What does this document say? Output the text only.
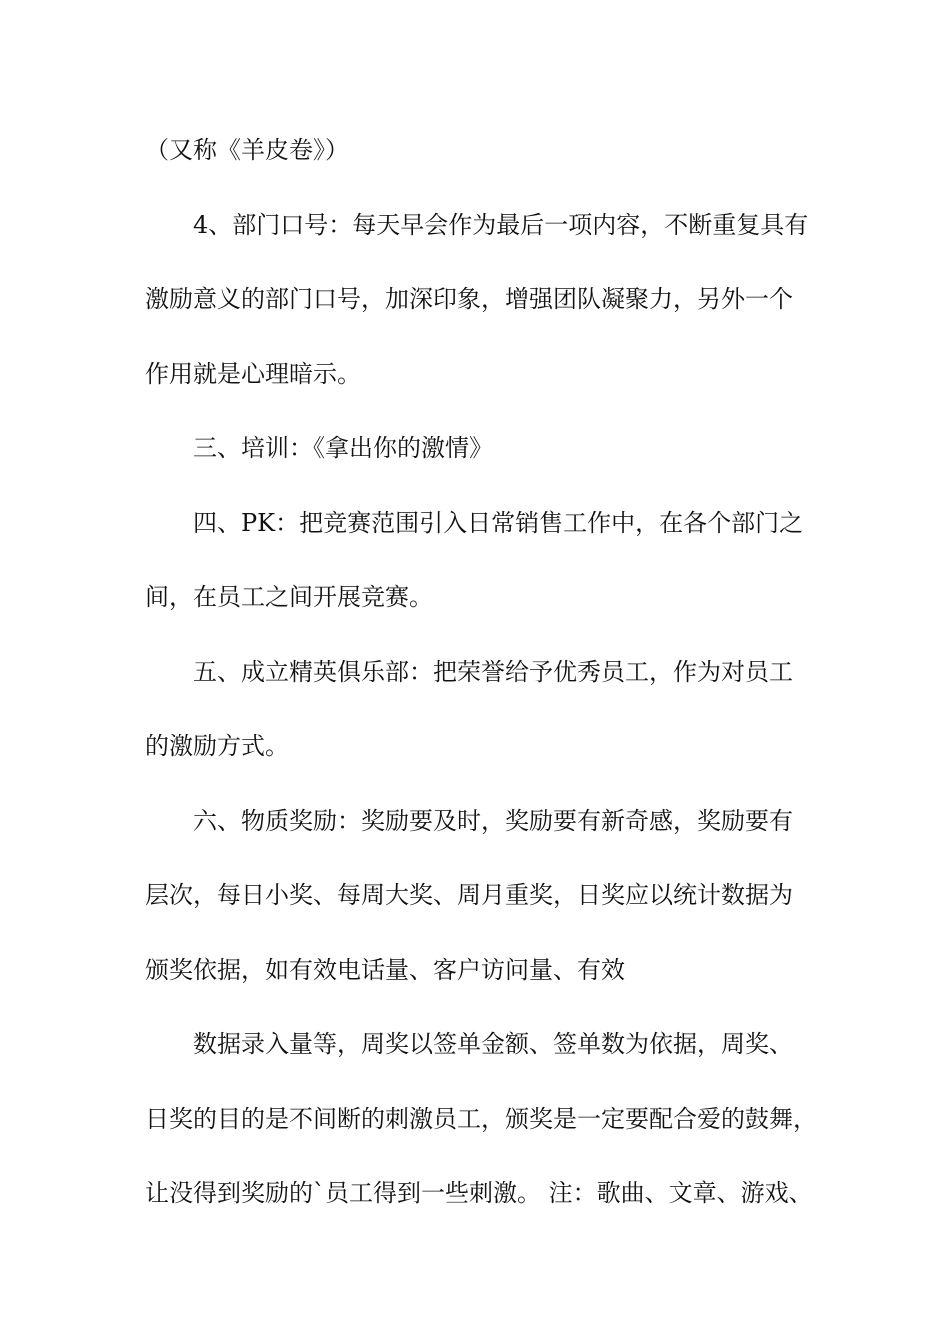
（又称《羊皮卷》）
4、部门口号：每天早会作为最后一项内容，不断重复具有
激励意义的部门口号，加深印象，增强团队凝聚力，另外一个
作用就是心理暗示。
三、培训：《拿出你的激情》
四、PK：把竞赛范围引入日常销售工作中，在各个部门之
间，在员工之间开展竞赛。
五、成立精英俱乐部：把荣誉给予优秀员工，作为对员工
的激励方式。
六、物质奖励：奖励要及时，奖励要有新奇感，奖励要有
层次，每日小奖、每周大奖、周月重奖，日奖应以统计数据为
颁奖依据，如有效电话量、客户访问量、有效
数据录入量等，周奖以签单金额、签单数为依据，周奖、
日奖的目的是不间断的刺激员工，颁奖是一定要配合爱的鼓舞，
让没得到奖励的`员工得到一些刺激。 注：歌曲、文章、游戏、
